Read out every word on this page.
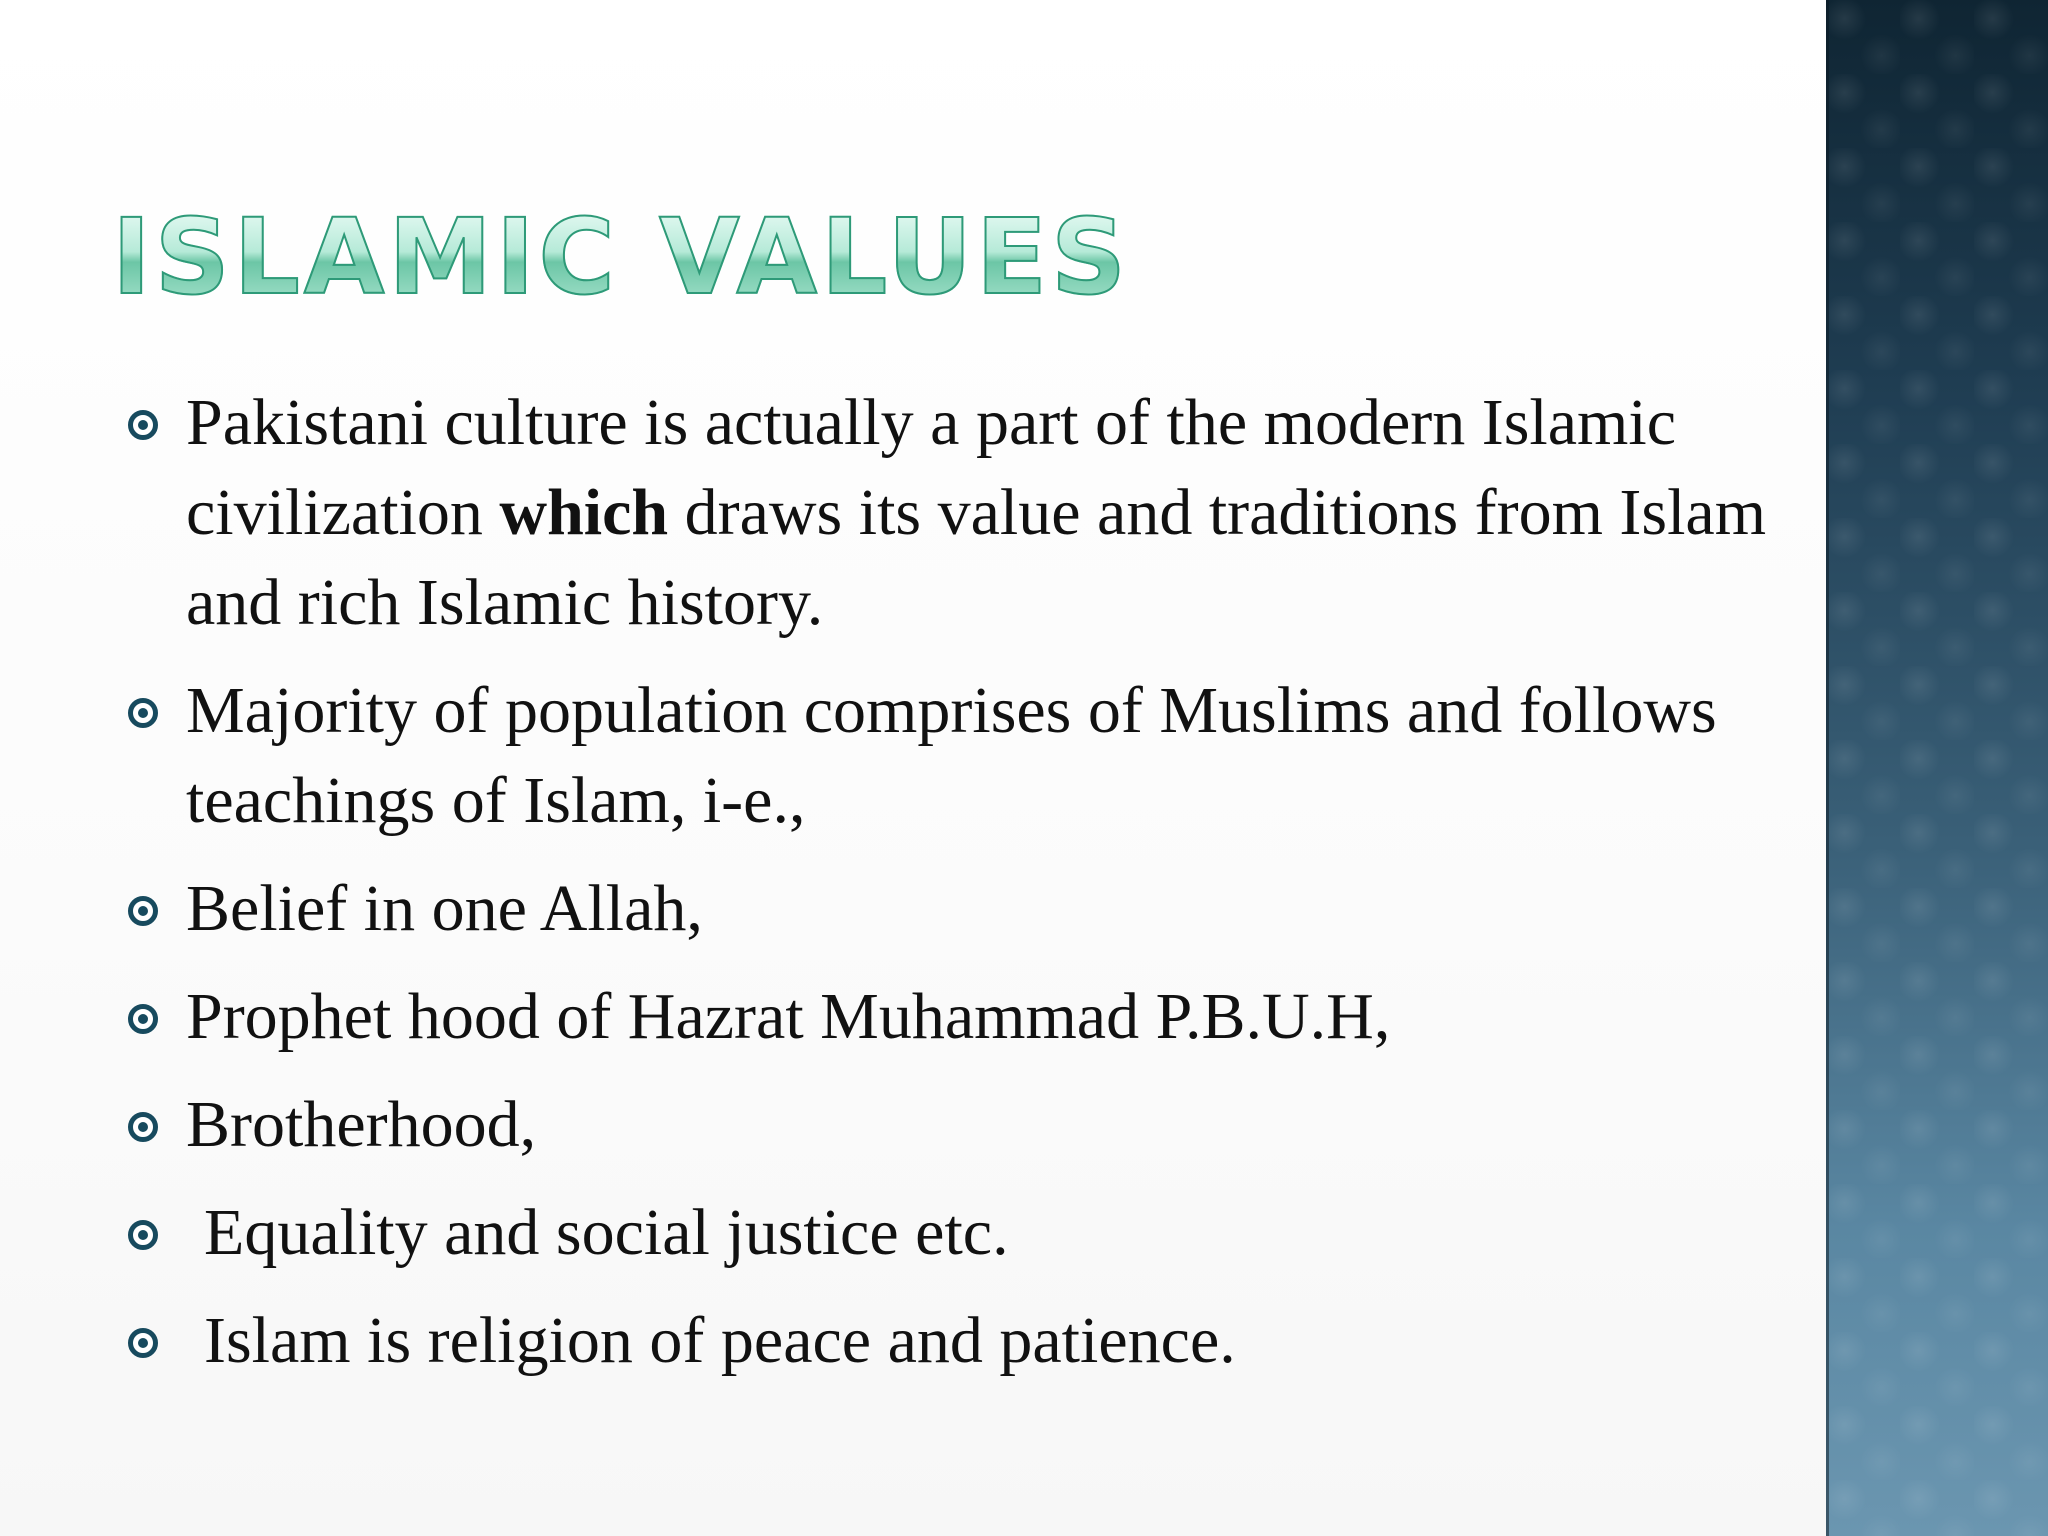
ISLAMIC VALUES
Pakistani culture is actually a part of the modern Islamic civilization which draws its value and traditions from Islam and rich Islamic history.
Majority of population comprises of Muslims and follows teachings of Islam, i-e.,
Belief in one Allah,
Prophet hood of Hazrat Muhammad P.B.U.H,
Brotherhood,
Equality and social justice etc.
Islam is religion of peace and patience.
